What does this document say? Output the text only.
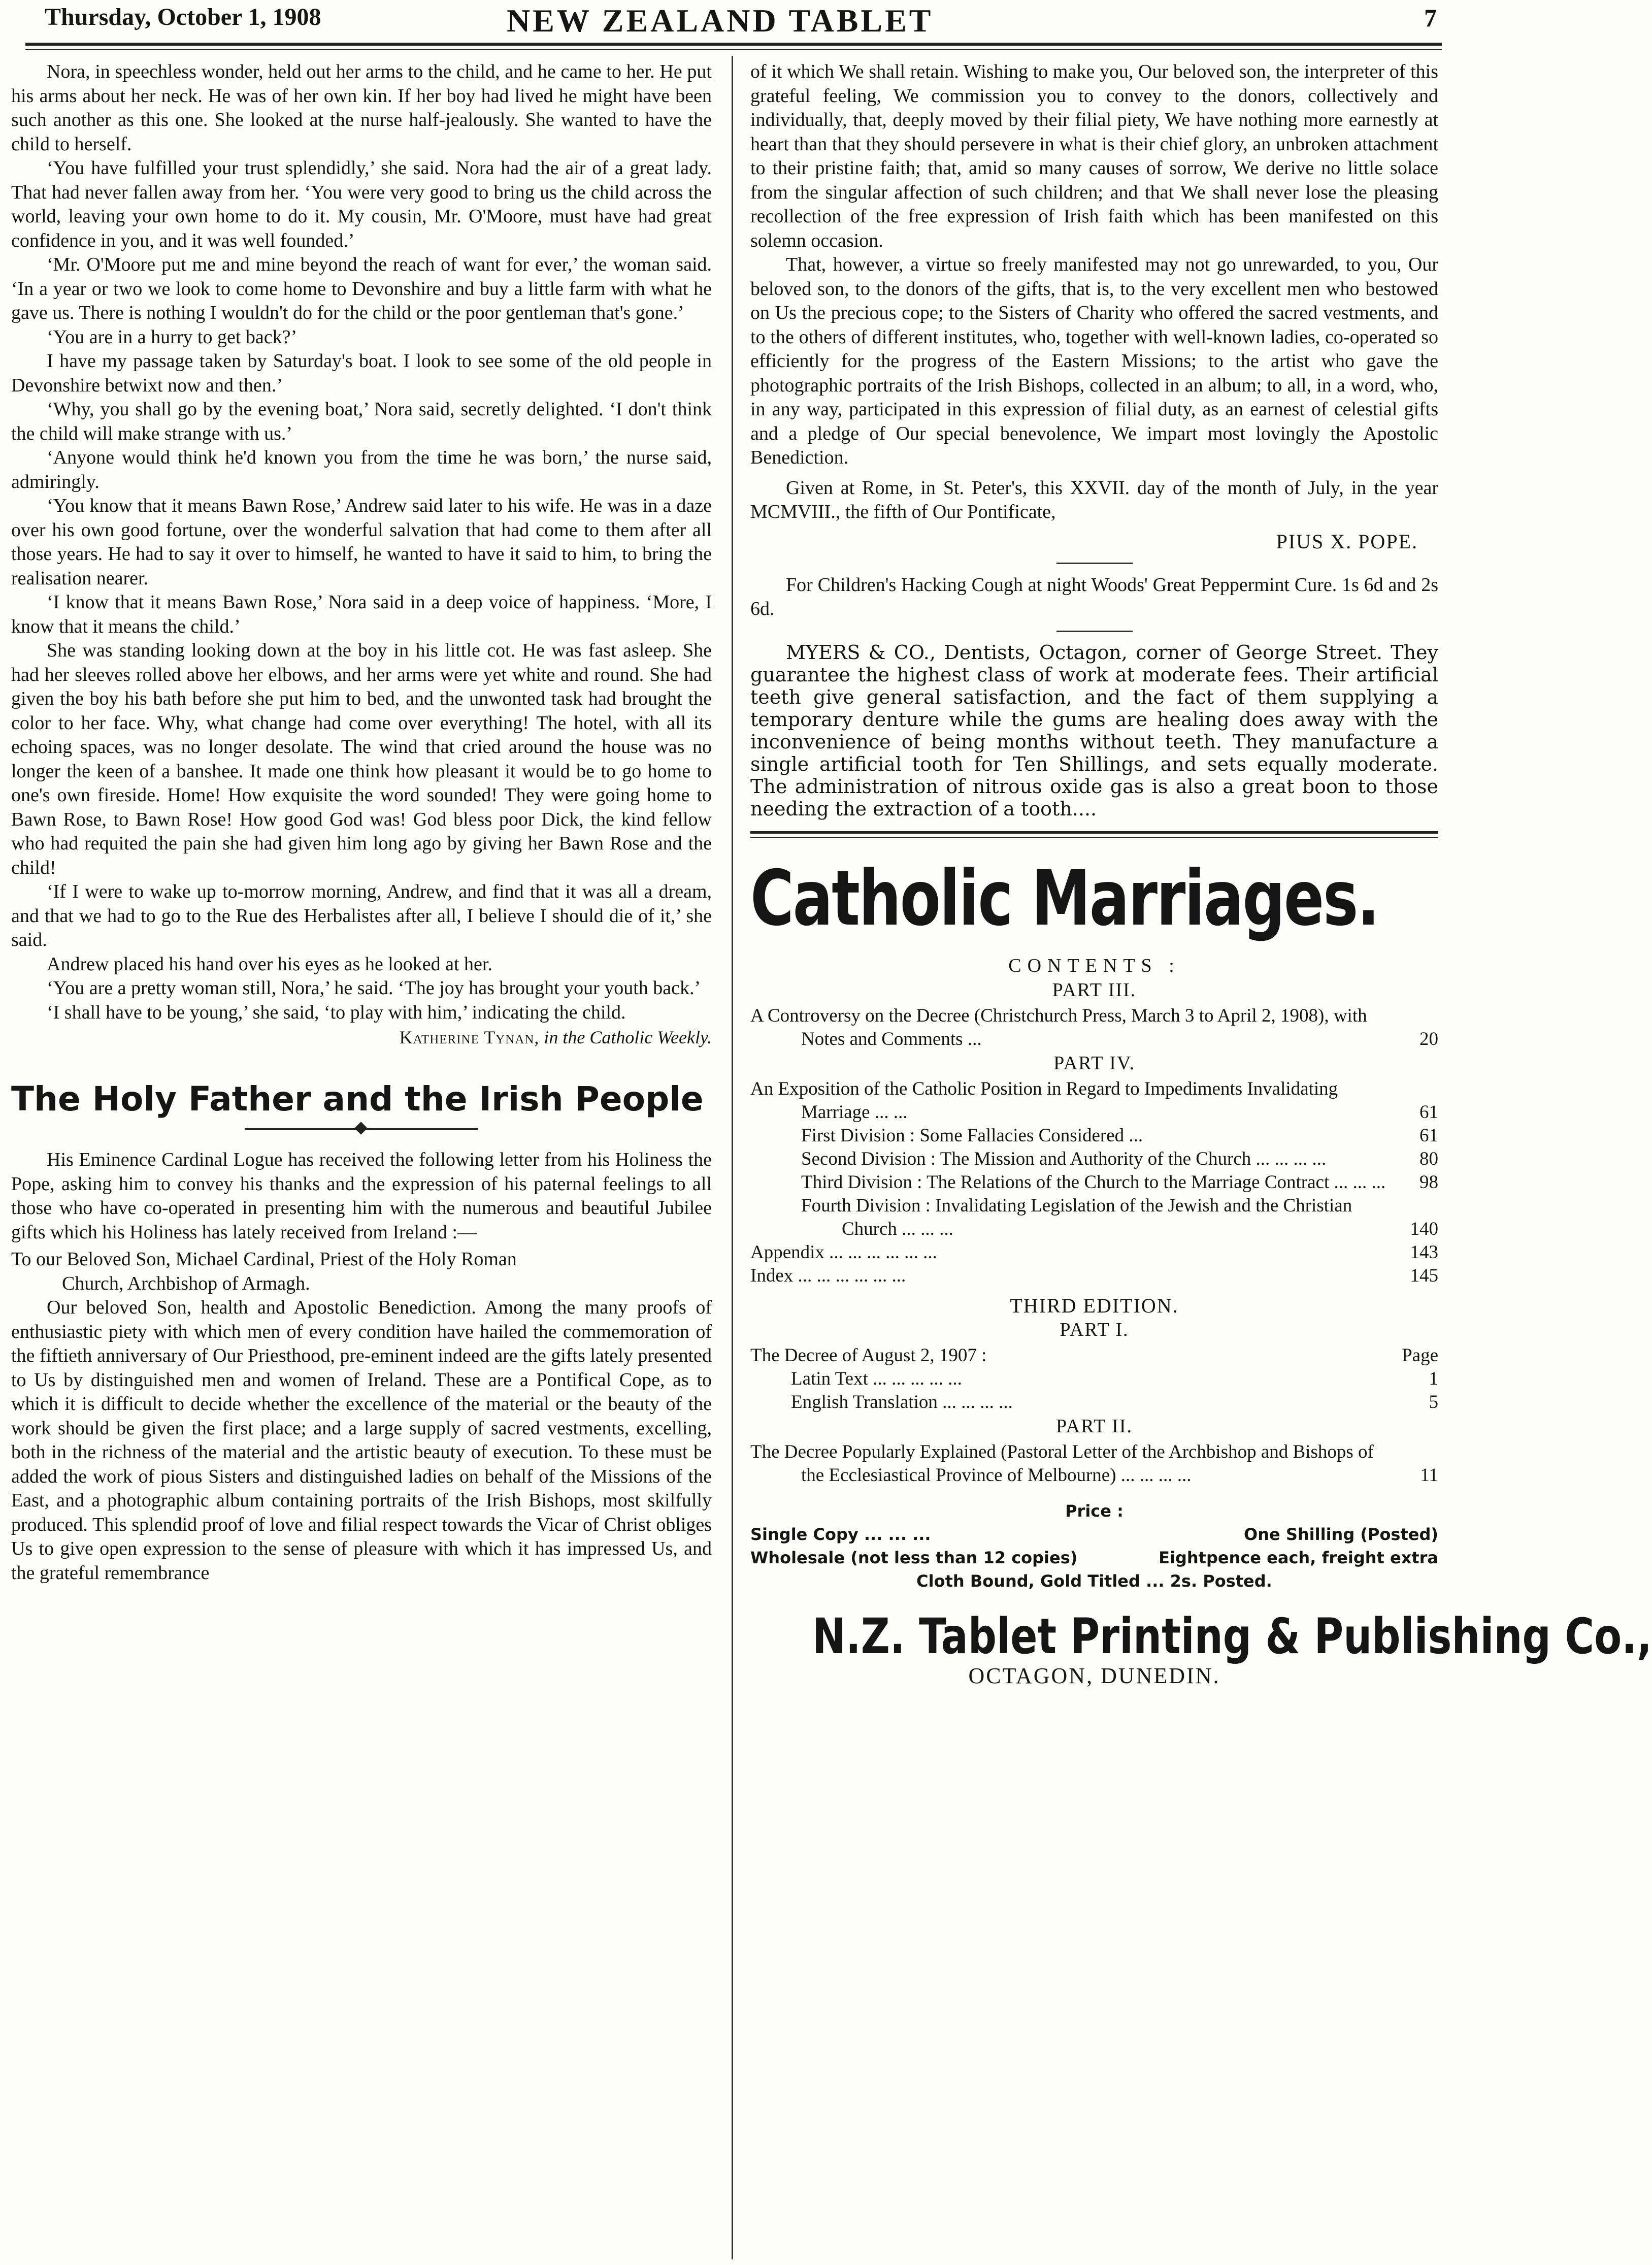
Thursday, October 1, 1908	NEW ZEALAND TABLET	7

Nora, in speechless wonder, held out her arms to the child, and he came to her. He put his arms about her neck. He was of her own kin. If her boy had lived he might have been such another as this one. She looked at the nurse half-jealously. She wanted to have the child to herself.

‘You have fulfilled your trust splendidly,’ she said. Nora had the air of a great lady. That had never fallen away from her. ‘You were very good to bring us the child across the world, leaving your own home to do it. My cousin, Mr. O'Moore, must have had great confidence in you, and it was well founded.’

‘Mr. O'Moore put me and mine beyond the reach of want for ever,’ the woman said. ‘In a year or two we look to come home to Devonshire and buy a little farm with what he gave us. There is nothing I wouldn't do for the child or the poor gentleman that's gone.’

‘You are in a hurry to get back?’

I have my passage taken by Saturday's boat. I look to see some of the old people in Devonshire betwixt now and then.’

‘Why, you shall go by the evening boat,’ Nora said, secretly delighted. ‘I don't think the child will make strange with us.’

‘Anyone would think he'd known you from the time he was born,’ the nurse said, admiringly.

‘You know that it means Bawn Rose,’ Andrew said later to his wife. He was in a daze over his own good fortune, over the wonderful salvation that had come to them after all those years. He had to say it over to himself, he wanted to have it said to him, to bring the realisation nearer.

‘I know that it means Bawn Rose,’ Nora said in a deep voice of happiness. ‘More, I know that it means the child.’

She was standing looking down at the boy in his little cot. He was fast asleep. She had her sleeves rolled above her elbows, and her arms were yet white and round. She had given the boy his bath before she put him to bed, and the unwonted task had brought the color to her face. Why, what change had come over everything! The hotel, with all its echoing spaces, was no longer desolate. The wind that cried around the house was no longer the keen of a banshee. It made one think how pleasant it would be to go home to one's own fireside. Home! How exquisite the word sounded! They were going home to Bawn Rose, to Bawn Rose! How good God was! God bless poor Dick, the kind fellow who had requited the pain she had given him long ago by giving her Bawn Rose and the child!

‘If I were to wake up to-morrow morning, Andrew, and find that it was all a dream, and that we had to go to the Rue des Herbalistes after all, I believe I should die of it,’ she said.

Andrew placed his hand over his eyes as he looked at her.

‘You are a pretty woman still, Nora,’ he said. ‘The joy has brought your youth back.’

‘I shall have to be young,’ she said, ‘to play with him,’ indicating the child.

Katherine Tynan, in the Catholic Weekly.
The Holy Father and the Irish People

His Eminence Cardinal Logue has received the following letter from his Holiness the Pope, asking him to convey his thanks and the expression of his paternal feelings to all those who have co-operated in presenting him with the numerous and beautiful Jubilee gifts which his Holiness has lately received from Ireland :—

To our Beloved Son, Michael Cardinal, Priest of the Holy Roman
Church, Archbishop of Armagh.

Our beloved Son, health and Apostolic Benediction. Among the many proofs of enthusiastic piety with which men of every condition have hailed the commemoration of the fiftieth anniversary of Our Priesthood, pre-eminent indeed are the gifts lately presented to Us by distinguished men and women of Ireland. These are a Pontifical Cope, as to which it is difficult to decide whether the excellence of the material or the beauty of the work should be given the first place; and a large supply of sacred vestments, excelling, both in the richness of the material and the artistic beauty of execution. To these must be added the work of pious Sisters and distinguished ladies on behalf of the Missions of the East, and a photographic album containing portraits of the Irish Bishops, most skilfully produced. This splendid proof of love and filial respect towards the Vicar of Christ obliges Us to give open expression to the sense of pleasure with which it has impressed Us, and the grateful remembrance

of it which We shall retain. Wishing to make you, Our beloved son, the interpreter of this grateful feeling, We commission you to convey to the donors, collectively and individually, that, deeply moved by their filial piety, We have nothing more earnestly at heart than that they should persevere in what is their chief glory, an unbroken attachment to their pristine faith; that, amid so many causes of sorrow, We derive no little solace from the singular affection of such children; and that We shall never lose the pleasing recollection of the free expression of Irish faith which has been manifested on this solemn occasion.

That, however, a virtue so freely manifested may not go unrewarded, to you, Our beloved son, to the donors of the gifts, that is, to the very excellent men who bestowed on Us the precious cope; to the Sisters of Charity who offered the sacred vestments, and to the others of different institutes, who, together with well-known ladies, co-operated so efficiently for the progress of the Eastern Missions; to the artist who gave the photographic portraits of the Irish Bishops, collected in an album; to all, in a word, who, in any way, participated in this expression of filial duty, as an earnest of celestial gifts and a pledge of Our special benevolence, We impart most lovingly the Apostolic Benediction.

Given at Rome, in St. Peter's, this XXVII. day of the month of July, in the year MCMVIII., the fifth of Our Pontificate,

PIUS X. POPE.

For Children's Hacking Cough at night Woods' Great Peppermint Cure. 1s 6d and 2s 6d.

MYERS & CO., Dentists, Octagon, corner of George Street. They guarantee the highest class of work at moderate fees. Their artificial teeth give general satisfaction, and the fact of them supplying a temporary denture while the gums are healing does away with the inconvenience of being months without teeth. They manufacture a single artificial tooth for Ten Shillings, and sets equally moderate. The administration of nitrous oxide gas is also a great boon to those needing the extraction of a tooth....

Catholic Marriages.
CONTENTS :
PART III.
A Controversy on the Decree (Christchurch Press, March 3 to April 2, 1908), with Notes and Comments ...	20
PART IV.
An Exposition of the Catholic Position in Regard to Impediments Invalidating Marriage ... ...	61
First Division : Some Fallacies Considered ...	61
Second Division : The Mission and Authority of the Church ... ... ... ...	80
Third Division : The Relations of the Church to the Marriage Contract ... ... ...	98
Fourth Division : Invalidating Legislation of the Jewish and the Christian Church ... ... ...	140
Appendix ... ... ... ... ... ...	143
Index ... ... ... ... ... ...	145
THIRD EDITION.
PART I.
The Decree of August 2, 1907 :	Page
Latin Text ... ... ... ... ...	1
English Translation ... ... ... ...	5
PART II.
The Decree Popularly Explained (Pastoral Letter of the Archbishop and Bishops of the Ecclesiastical Province of Melbourne) ... ... ... ...	11
Price :
Single Copy ... ... ...	One Shilling (Posted)
Wholesale (not less than 12 copies)	Eightpence each, freight extra
Cloth Bound, Gold Titled ... 2s. Posted.
N.Z. Tablet Printing & Publishing Co.,
OCTAGON, DUNEDIN.
